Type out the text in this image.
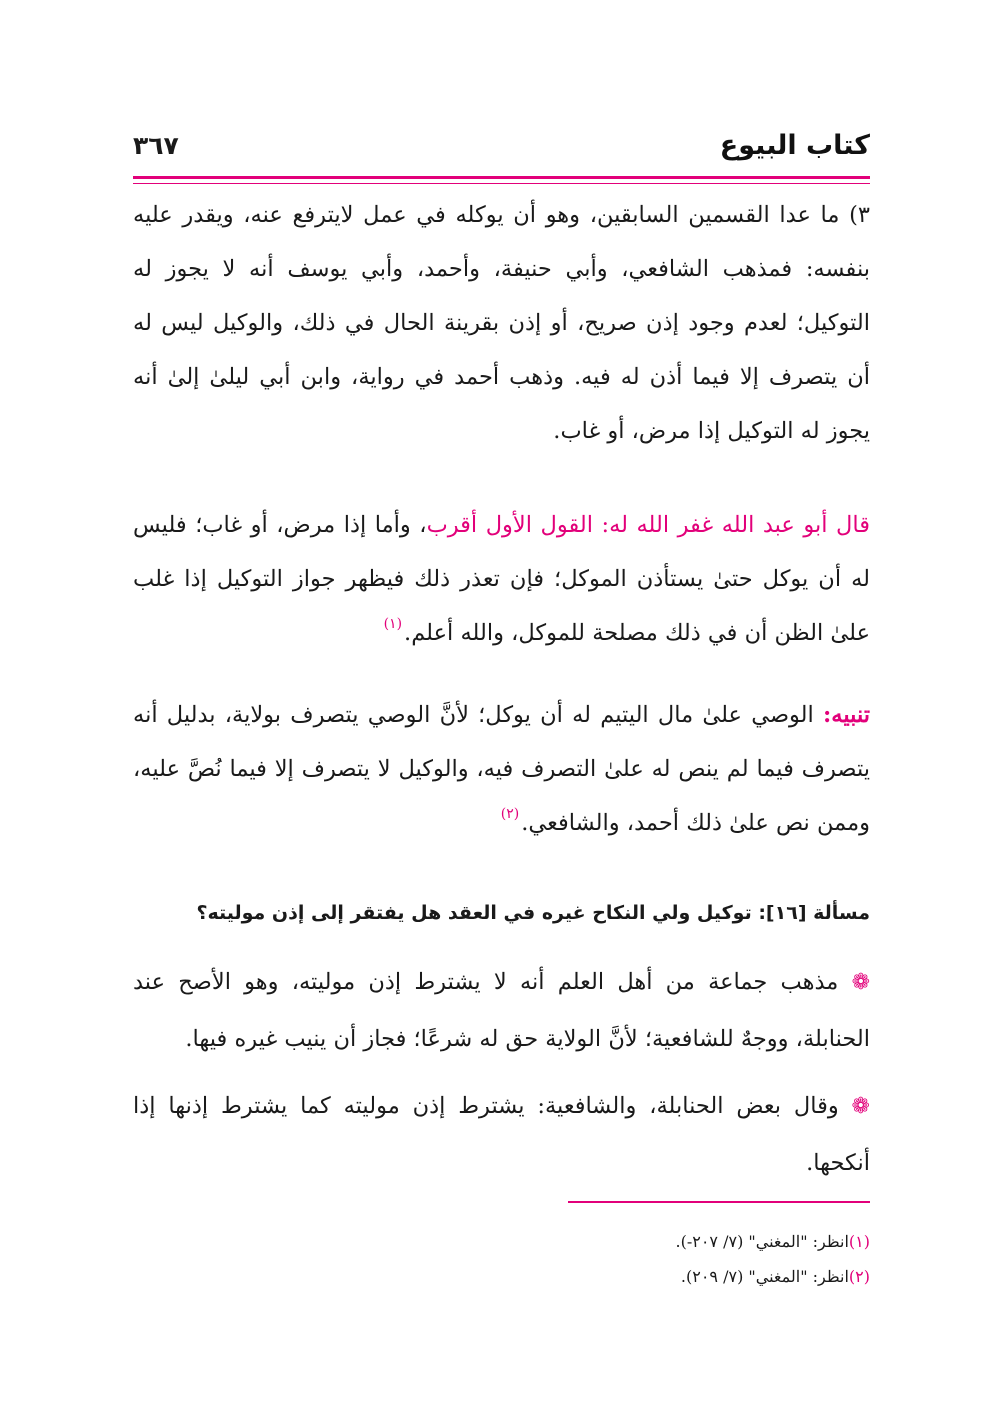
كتاب البيوع
٣٦٧

٣) ما عدا القسمين السابقين، وهو أن يوكله في عمل لايترفع عنه، ويقدر عليه بنفسه: فمذهب الشافعي، وأبي حنيفة، وأحمد، وأبي يوسف أنه لا يجوز له التوكيل؛ لعدم وجود إذن صريح، أو إذن بقرينة الحال في ذلك، والوكيل ليس له أن يتصرف إلا فيما أذن له فيه. وذهب أحمد في رواية، وابن أبي ليلىٰ إلىٰ أنه يجوز له التوكيل إذا مرض، أو غاب.

قال أبو عبد الله غفر الله له: القول الأول أقرب، وأما إذا مرض، أو غاب؛ فليس له أن يوكل حتىٰ يستأذن الموكل؛ فإن تعذر ذلك فيظهر جواز التوكيل إذا غلب علىٰ الظن أن في ذلك مصلحة للموكل، والله أعلم.$^{(١)}$

تنبيه: الوصي علىٰ مال اليتيم له أن يوكل؛ لأنَّ الوصي يتصرف بولاية، بدليل أنه يتصرف فيما لم ينص له علىٰ التصرف فيه، والوكيل لا يتصرف إلا فيما نُصَّ عليه، وممن نص علىٰ ذلك أحمد، والشافعي.$^{(٢)}$

مسألة [١٦]: توكيل ولي النكاح غيره في العقد هل يفتقر إلى إذن موليته؟

❁ مذهب جماعة من أهل العلم أنه لا يشترط إذن موليته، وهو الأصح عند الحنابلة، ووجهٌ للشافعية؛ لأنَّ الولاية حق له شرعًا؛ فجاز أن ينيب غيره فيها.

❁ وقال بعض الحنابلة، والشافعية: يشترط إذن موليته كما يشترط إذنها إذا أنكحها.

(١)انظر: "المغني" (٧/ ٢٠٧-).

(٢)انظر: "المغني" (٧/ ٢٠٩).
